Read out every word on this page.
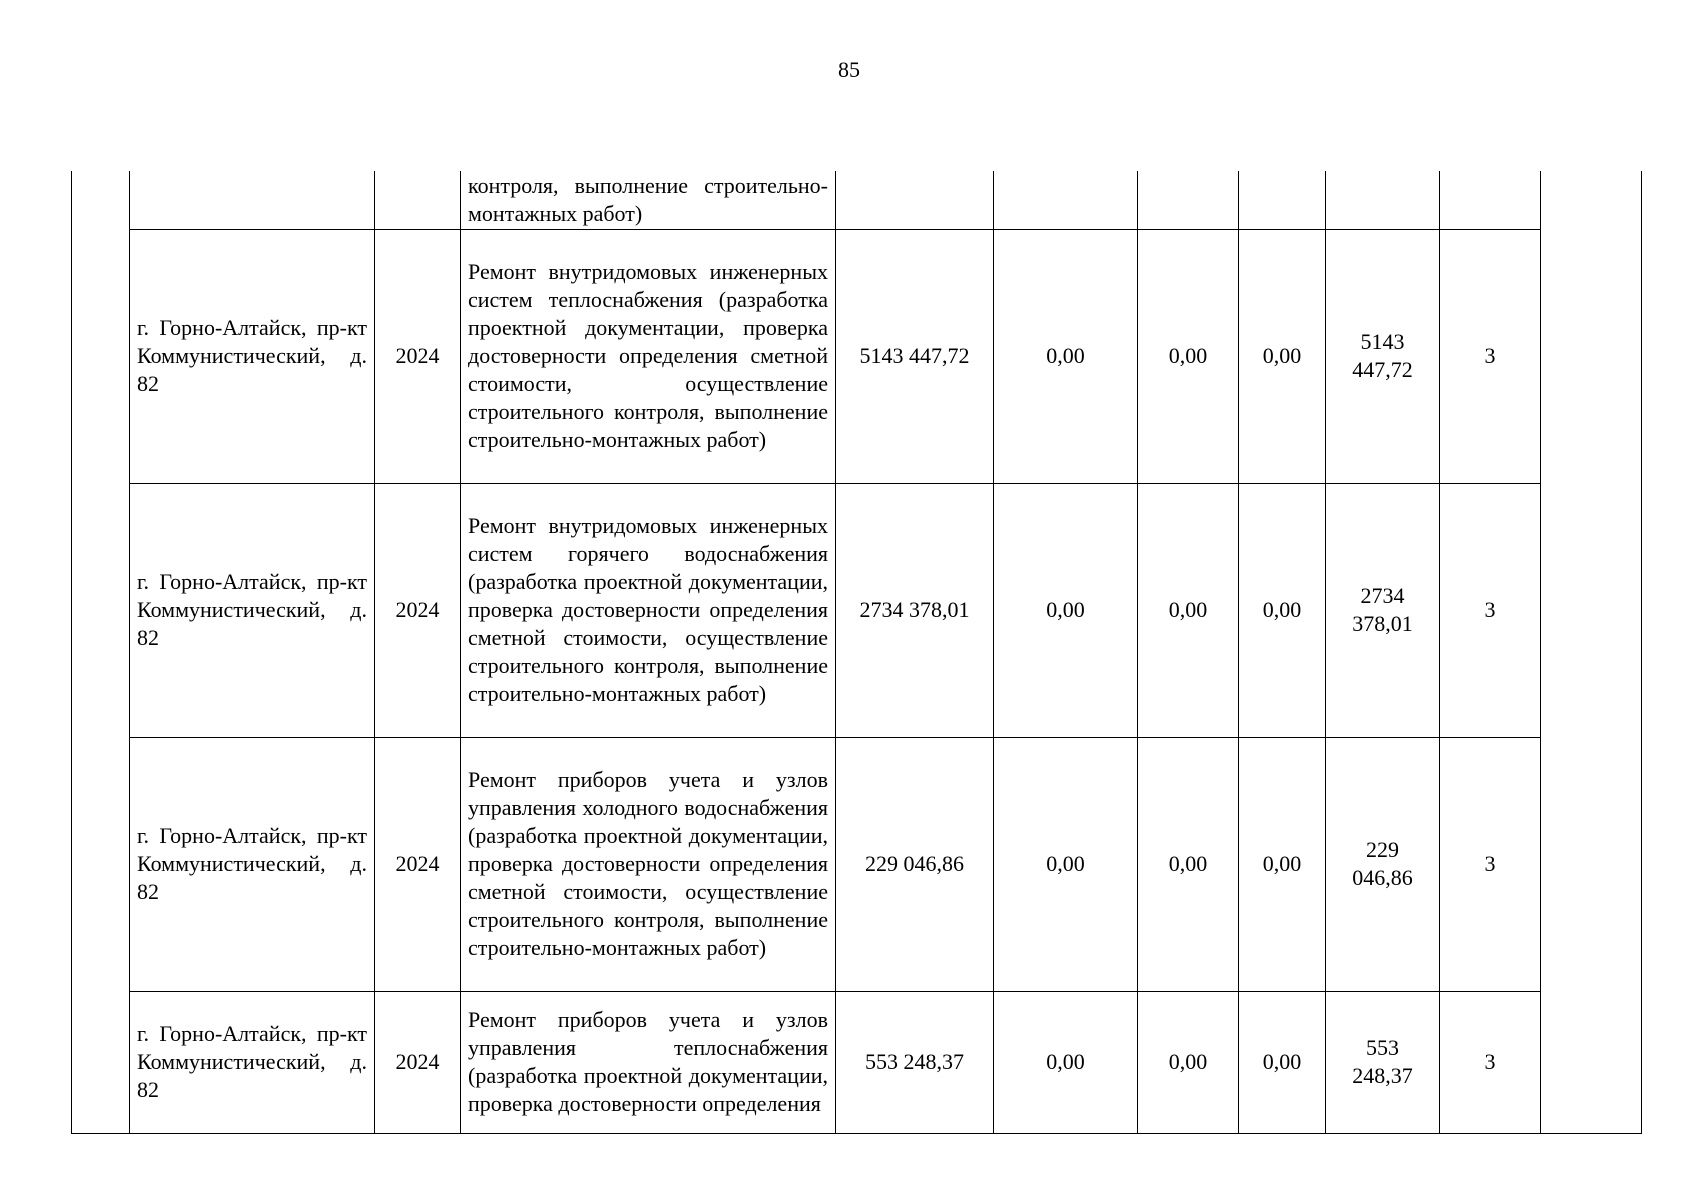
85
			контроля, выполнение строительно-монтажных работ)							
	г. Горно-Алтайск, пр-кт Коммунистический, д. 82	2024	Ремонт внутридомовых инженерных систем теплоснабжения (разработка проектной документации, проверка достоверности определения сметной стоимости, осуществление строительного контроля, выполнение строительно-монтажных работ)	5143 447,72	0,00	0,00	0,00	5143 447,72	3	
	г. Горно-Алтайск, пр-кт Коммунистический, д. 82	2024	Ремонт внутридомовых инженерных систем горячего водоснабжения (разработка проектной документации, проверка достоверности определения сметной стоимости, осуществление строительного контроля, выполнение строительно-монтажных работ)	2734 378,01	0,00	0,00	0,00	2734 378,01	3	
	г. Горно-Алтайск, пр-кт Коммунистический, д. 82	2024	Ремонт приборов учета и узлов управления холодного водоснабжения (разработка проектной документации, проверка достоверности определения сметной стоимости, осуществление строительного контроля, выполнение строительно-монтажных работ)	229 046,86	0,00	0,00	0,00	229 046,86	3	
	г. Горно-Алтайск, пр-кт Коммунистический, д. 82	2024	Ремонт приборов учета и узлов управления теплоснабжения (разработка проектной документации, проверка достоверности определения	553 248,37	0,00	0,00	0,00	553 248,37	3	
